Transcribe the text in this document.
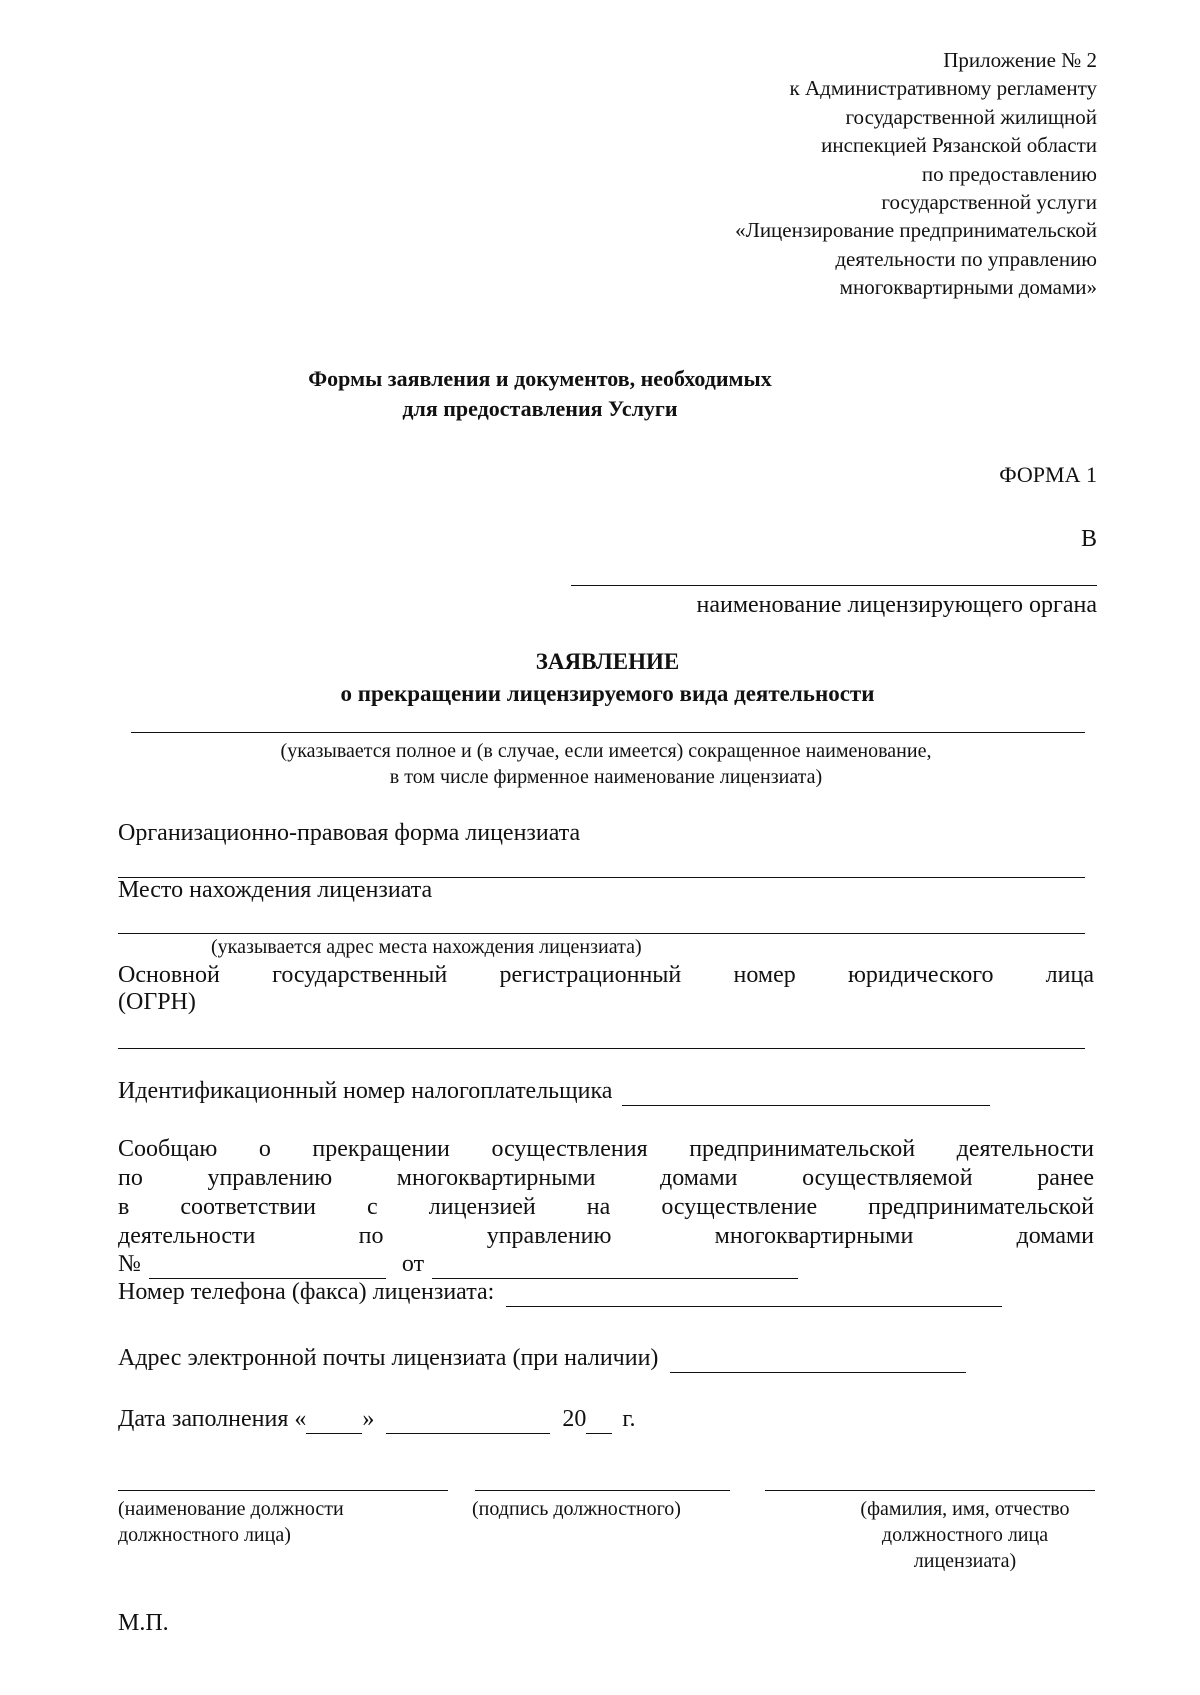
Приложение № 2
к Административному регламенту
государственной жилищной
инспекцией Рязанской области
по предоставлению
государственной услуги
«Лицензирование предпринимательской
деятельности по управлению
многоквартирными домами»
Формы заявления и документов, необходимых
для предоставления Услуги
ФОРМА 1
В
наименование лицензирующего органа
ЗАЯВЛЕНИЕ
о прекращении лицензируемого вида деятельности
(указывается полное и (в случае, если имеется) сокращенное наименование,
в том числе фирменное наименование лицензиата)
Организационно-правовая форма лицензиата
Место нахождения лицензиата
(указывается адрес места нахождения лицензиата)
Основной государственный регистрационный номер юридического лица
(ОГРН)
Идентификационный номер налогоплательщика
Сообщаю о прекращении осуществления предпринимательской деятельности
по управлению многоквартирными домами осуществляемой ранее
в соответствии с лицензией на осуществление предпринимательской
деятельности по управлению многоквартирными домами
№	от
Номер телефона (факса) лицензиата:
Адрес электронной почты лицензиата (при наличии)
Дата заполнения « »	20 г.
(наименование должности
должностного лица)
(подпись должностного)	(фамилия, имя, отчество
должностного лица
лицензиата)
М.П.
